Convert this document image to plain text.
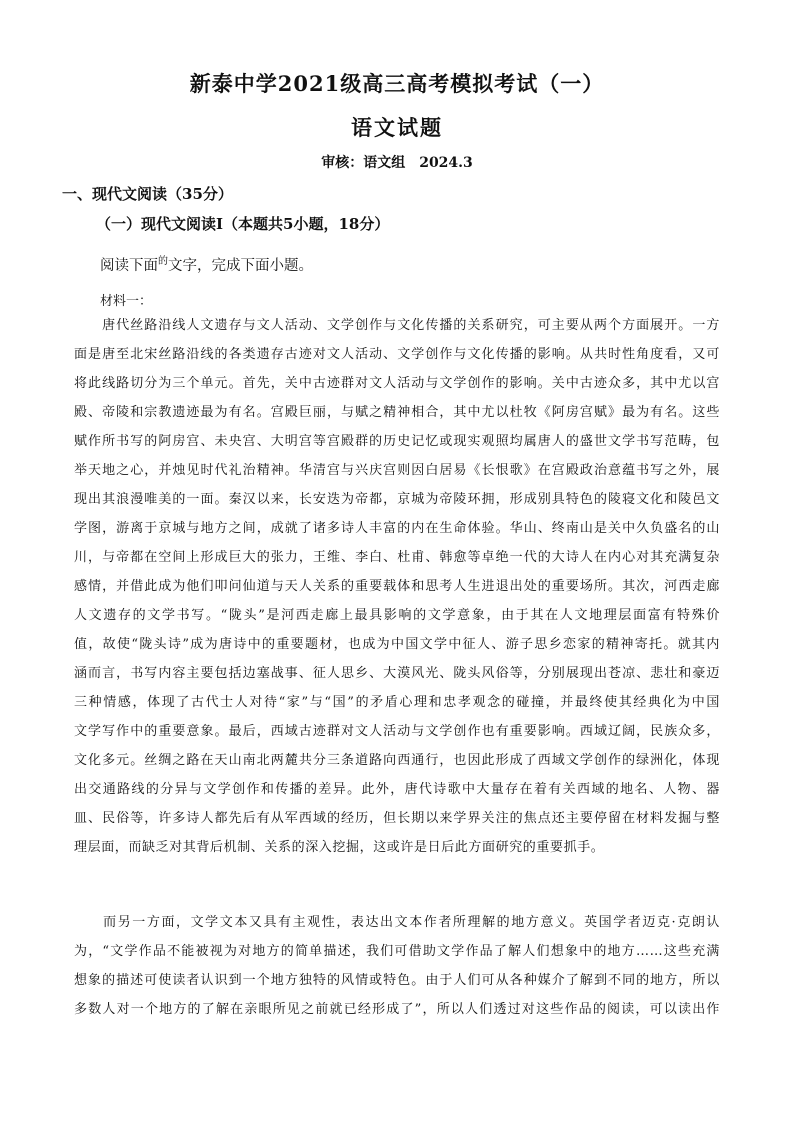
新泰中学2021级高三高考模拟考试（一）
语文试题
审核：语文组　2024.3
一、现代文阅读（35分）
（一）现代文阅读Ⅰ（本题共5小题，18分）
阅读下面$^的$文字，完成下面小题。
材料一：
　　唐代丝路沿线人文遗存与文人活动、文学创作与文化传播的关系研究，可主要从两个方面展开。一方
面是唐至北宋丝路沿线的各类遗存古迹对文人活动、文学创作与文化传播的影响。从共时性角度看，又可
将此线路切分为三个单元。首先，关中古迹群对文人活动与文学创作的影响。关中古迹众多，其中尤以宫
殿、帝陵和宗教遗迹最为有名。宫殿巨丽，与赋之精神相合，其中尤以杜牧《阿房宫赋》最为有名。这些
赋作所书写的阿房宫、未央宫、大明宫等宫殿群的历史记忆或现实观照均属唐人的盛世文学书写范畴，包
举天地之心，并烛见时代礼治精神。华清宫与兴庆宫则因白居易《长恨歌》在宫殿政治意蕴书写之外，展
现出其浪漫唯美的一面。秦汉以来，长安迭为帝都，京城为帝陵环拥，形成别具特色的陵寝文化和陵邑文
学图，游离于京城与地方之间，成就了诸多诗人丰富的内在生命体验。华山、终南山是关中久负盛名的山
川，与帝都在空间上形成巨大的张力，王维、李白、杜甫、韩愈等卓绝一代的大诗人在内心对其充满复杂
感情，并借此成为他们叩问仙道与天人关系的重要载体和思考人生进退出处的重要场所。其次，河西走廊
人文遗存的文学书写。“陇头”是河西走廊上最具影响的文学意象，由于其在人文地理层面富有特殊价
值，故使“陇头诗”成为唐诗中的重要题材，也成为中国文学中征人、游子思乡恋家的精神寄托。就其内
涵而言，书写内容主要包括边塞战事、征人思乡、大漠风光、陇头风俗等，分别展现出苍凉、悲壮和豪迈
三种情感，体现了古代士人对待“家”与“国”的矛盾心理和忠孝观念的碰撞，并最终使其经典化为中国
文学写作中的重要意象。最后，西域古迹群对文人活动与文学创作也有重要影响。西域辽阔，民族众多，
文化多元。丝绸之路在天山南北两麓共分三条道路向西通行，也因此形成了西域文学创作的绿洲化，体现
出交通路线的分异与文学创作和传播的差异。此外，唐代诗歌中大量存在着有关西域的地名、人物、器
皿、民俗等，许多诗人都先后有从军西域的经历，但长期以来学界关注的焦点还主要停留在材料发掘与整
理层面，而缺乏对其背后机制、关系的深入挖掘，这或许是日后此方面研究的重要抓手。
　　而另一方面，文学文本又具有主观性，表达出文本作者所理解的地方意义。英国学者迈克·克朗认
为，“文学作品不能被视为对地方的简单描述，我们可借助文学作品了解人们想象中的地方……这些充满
想象的描述可使读者认识到一个地方独特的风情或特色。由于人们可从各种媒介了解到不同的地方，所以
多数人对一个地方的了解在亲眼所见之前就已经形成了”，所以人们透过对这些作品的阅读，可以读出作
